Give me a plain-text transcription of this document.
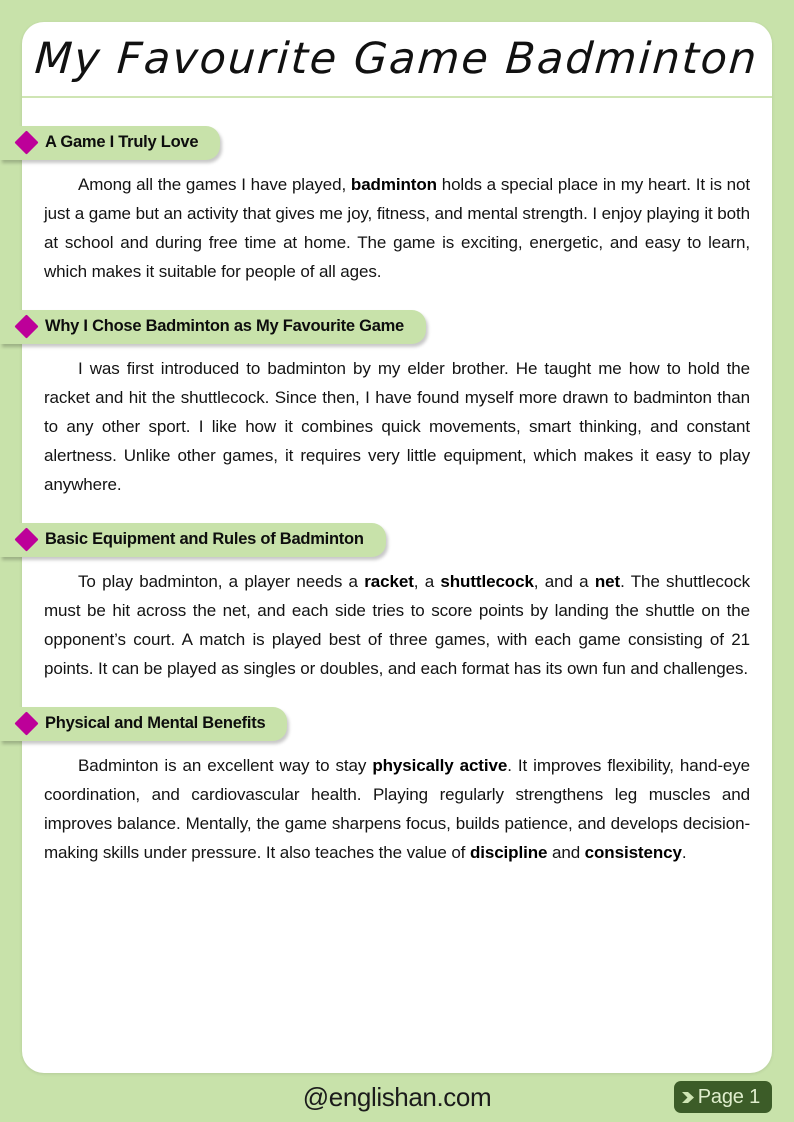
My Favourite Game Badminton
A Game I Truly Love

Among all the games I have played, badminton holds a special place in my heart. It is not just a game but an activity that gives me joy, fitness, and mental strength. I enjoy playing it both at school and during free time at home. The game is exciting, energetic, and easy to learn, which makes it suitable for people of all ages.

Why I Chose Badminton as My Favourite Game

I was first introduced to badminton by my elder brother. He taught me how to hold the racket and hit the shuttlecock. Since then, I have found myself more drawn to badminton than to any other sport. I like how it combines quick movements, smart thinking, and constant alertness. Unlike other games, it requires very little equipment, which makes it easy to play anywhere.

Basic Equipment and Rules of Badminton

To play badminton, a player needs a racket, a shuttlecock, and a net. The shuttlecock must be hit across the net, and each side tries to score points by landing the shuttle on the opponent’s court. A match is played best of three games, with each game consisting of 21 points. It can be played as singles or doubles, and each format has its own fun and challenges.

Physical and Mental Benefits

Badminton is an excellent way to stay physically active. It improves flexibility, hand-eye coordination, and cardiovascular health. Playing regularly strengthens leg muscles and improves balance. Mentally, the game sharpens focus, builds patience, and develops decision-making skills under pressure. It also teaches the value of discipline and consistency.

@englishan.com	Page 1
